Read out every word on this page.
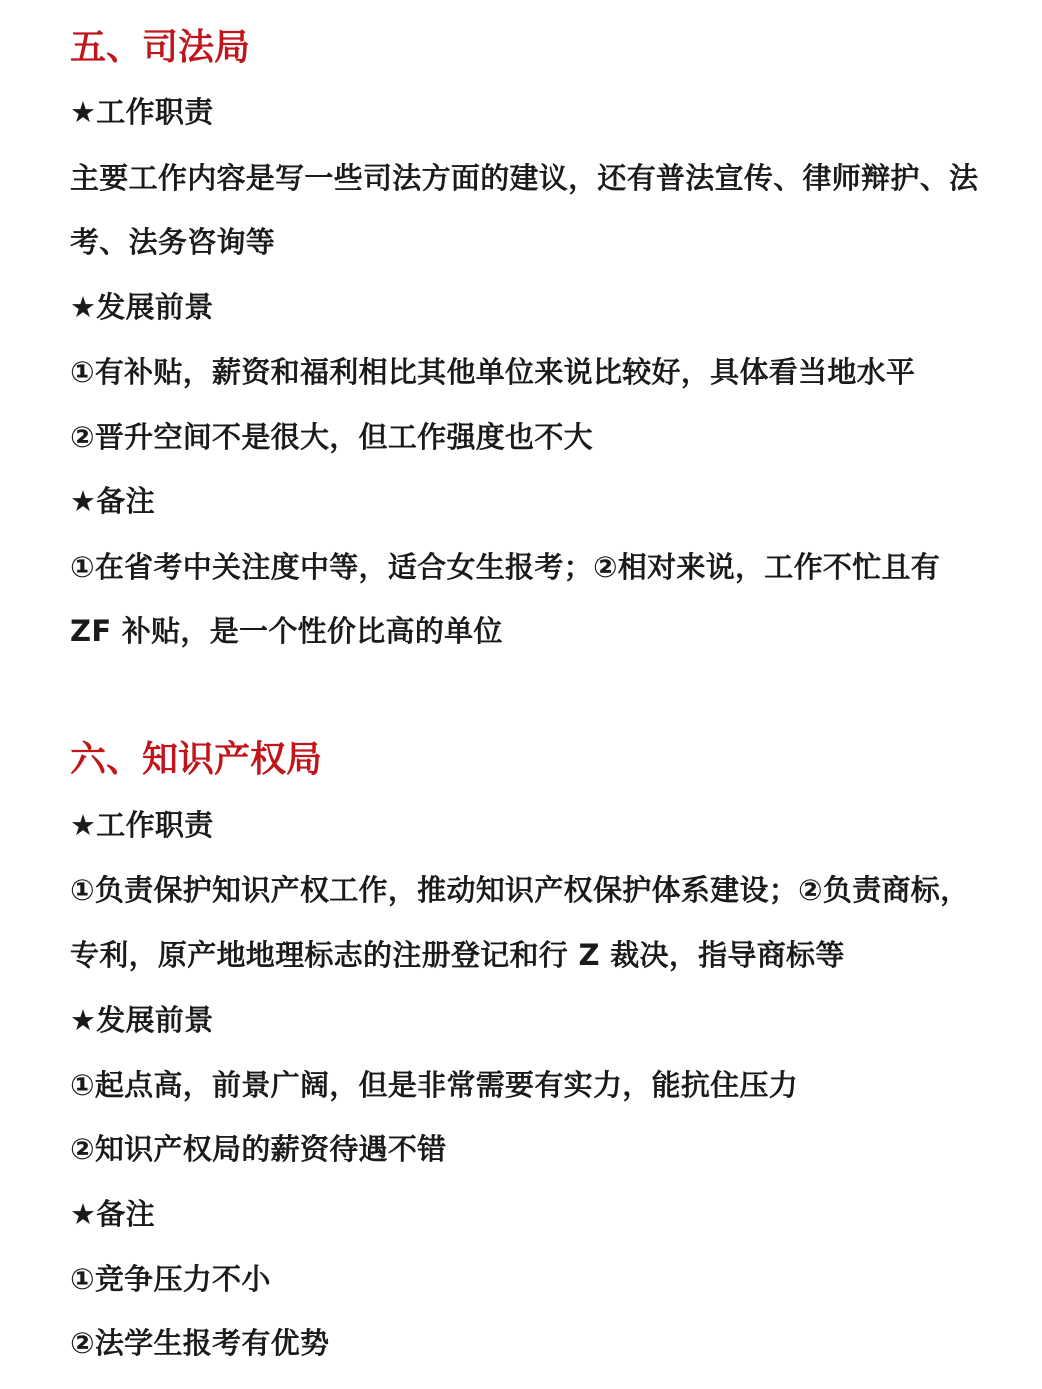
五、司法局
★工作职责
主要工作内容是写一些司法方面的建议，还有普法宣传、律师辩护、法
考、法务咨询等
★发展前景
①有补贴，薪资和福利相比其他单位来说比较好，具体看当地水平
②晋升空间不是很大，但工作强度也不大
★备注
①在省考中关注度中等，适合女生报考；②相对来说，工作不忙且有
ZF 补贴，是一个性价比高的单位
六、知识产权局
★工作职责
①负责保护知识产权工作，推动知识产权保护体系建设；②负责商标，
专利，原产地地理标志的注册登记和行 Z 裁决，指导商标等
★发展前景
①起点高，前景广阔，但是非常需要有实力，能抗住压力
②知识产权局的薪资待遇不错
★备注
①竞争压力不小
②法学生报考有优势
